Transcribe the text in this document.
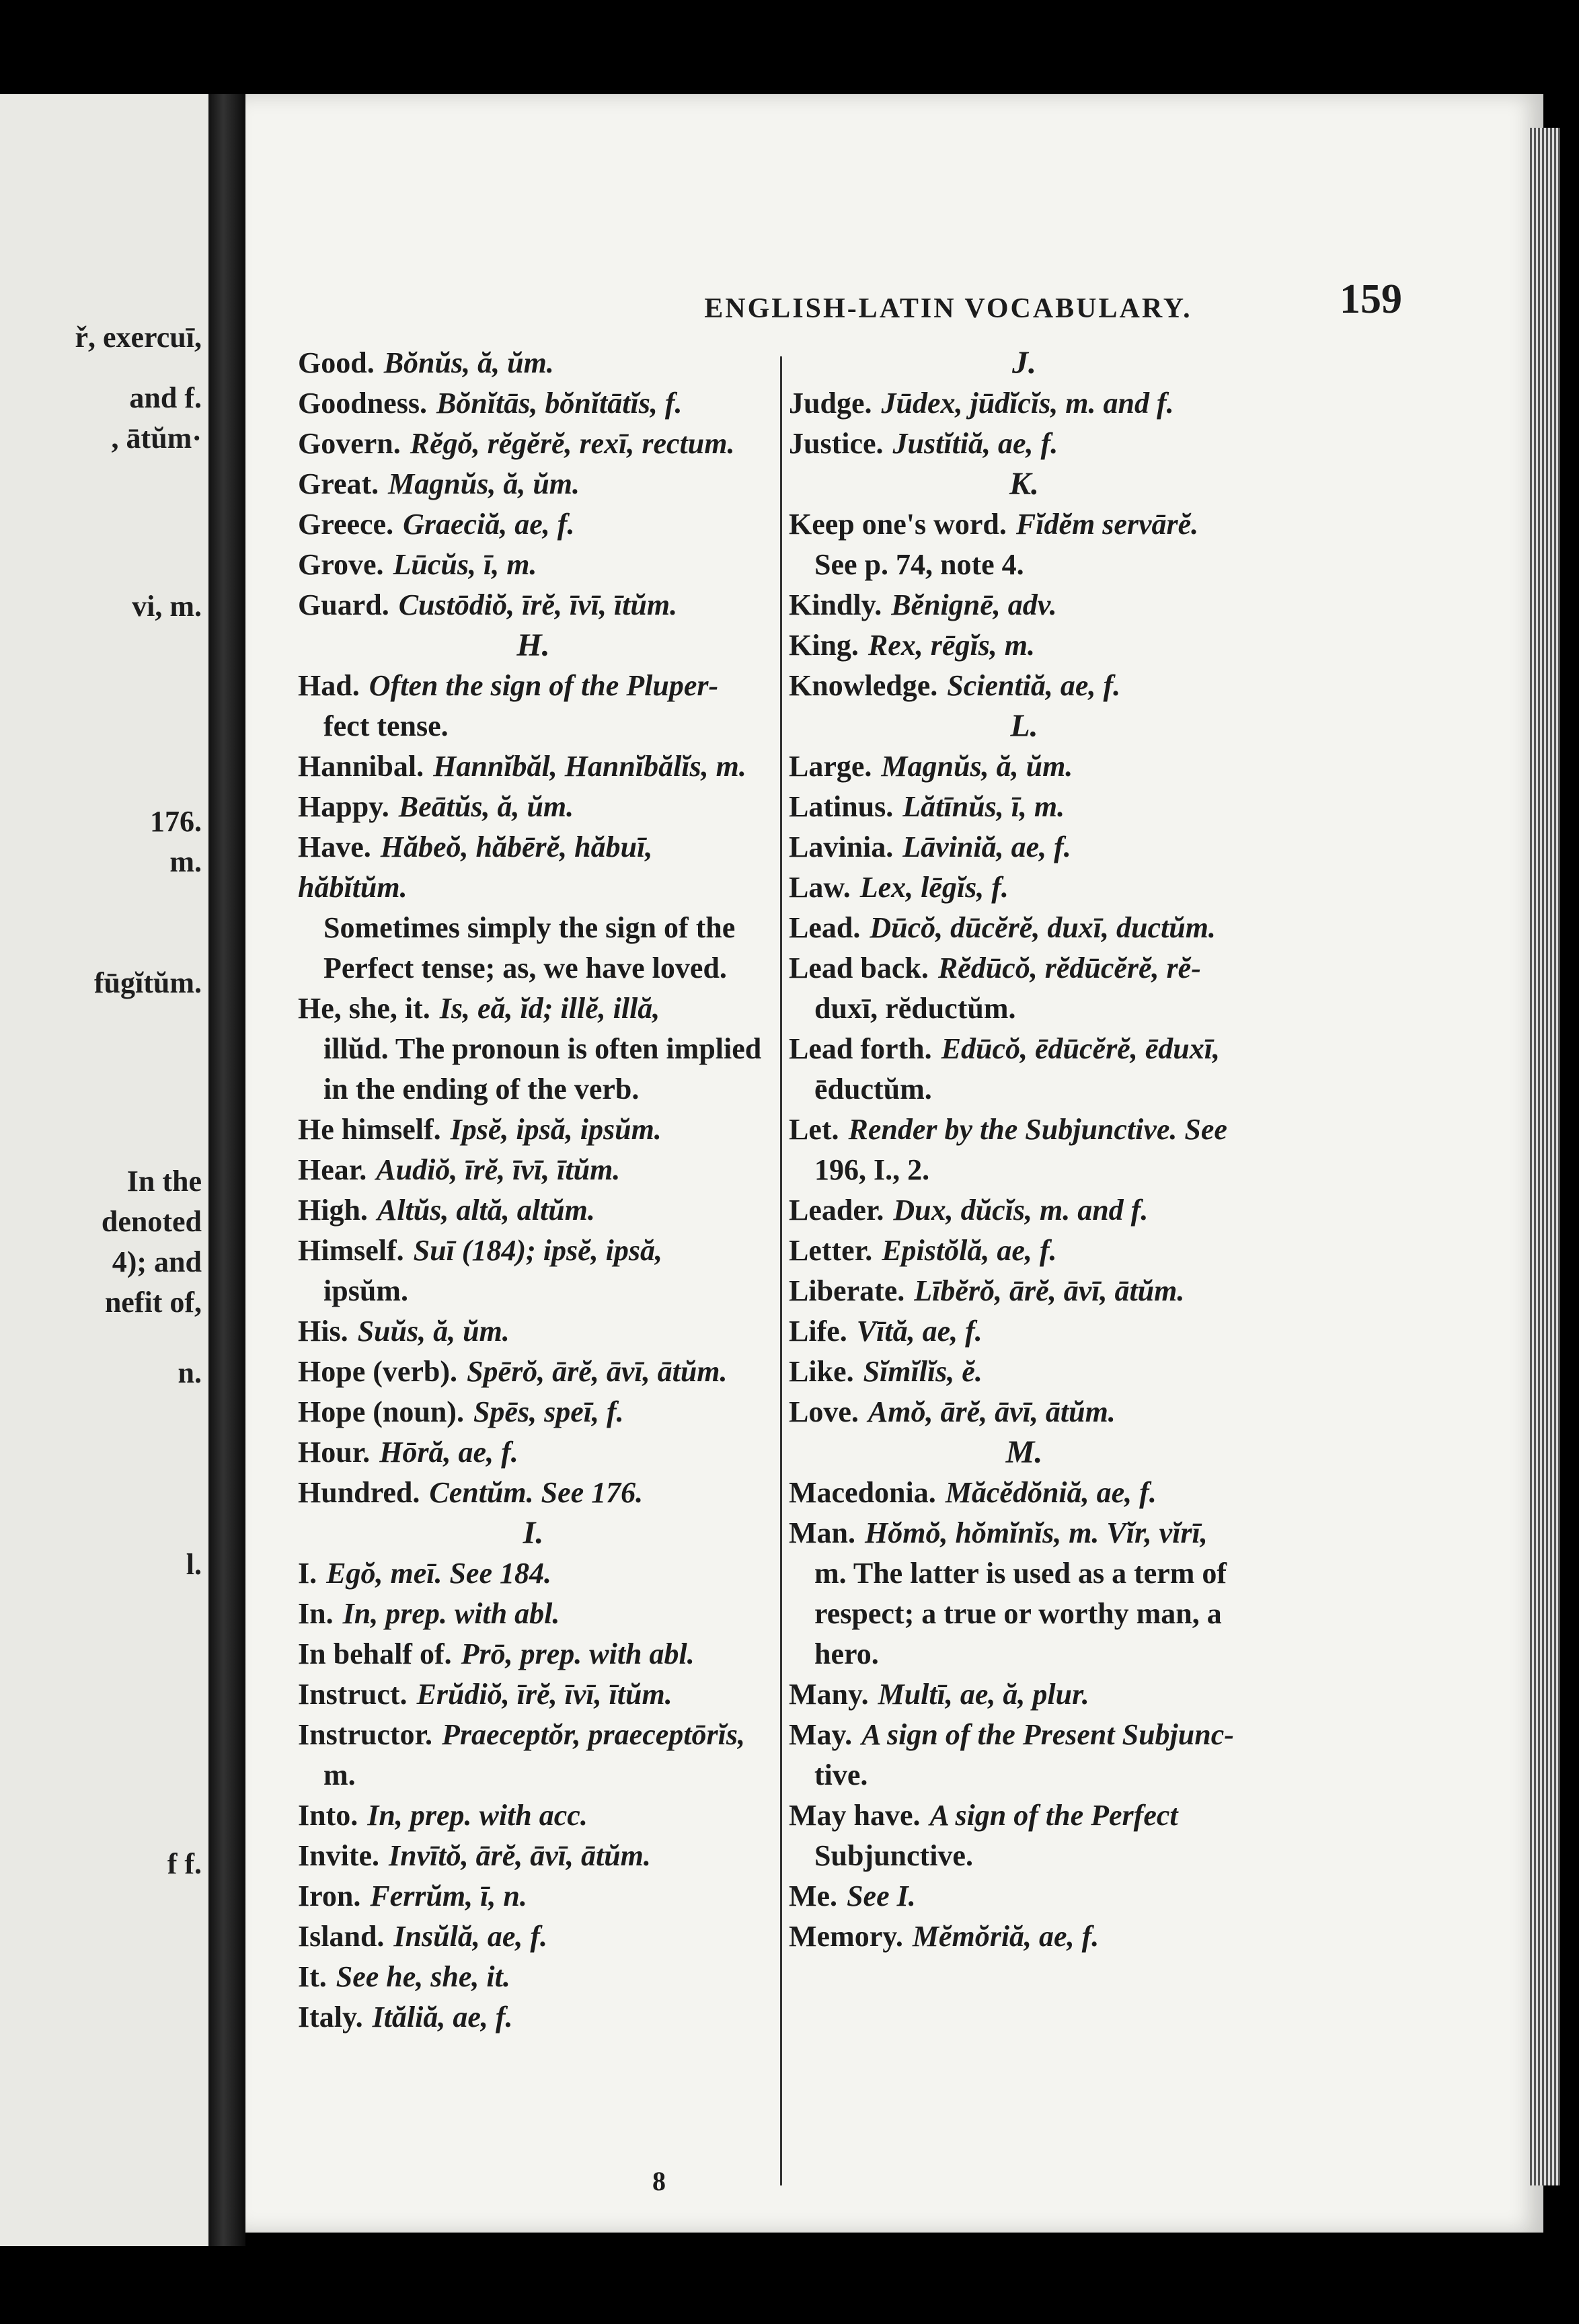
ř, exercuī,
and f.
, ātŭm·
vi, m.
176.
m.
fūgĭtŭm.
In the
denoted
4); and
nefit of,
n.
l.
f f.
ENGLISH-LATIN VOCABULARY.	159
Good. Bŏnŭs, ă, ŭm.
Goodness. Bŏnĭtās, bŏnĭtātĭs, f.
Govern. Rĕgŏ, rĕgĕrĕ, rexī, rectum.
Great. Magnŭs, ă, ŭm.
Greece. Graeciă, ae, f.
Grove. Lūcŭs, ī, m.
Guard. Custōdiŏ, īrĕ, īvī, ītŭm.
H.
Had. Often the sign of the Pluper-
fect tense.
Hannibal. Hannĭbăl, Hannĭbălĭs, m.
Happy. Beātŭs, ă, ŭm.
Have. Hăbeŏ, hăbērĕ, hăbuī, hăbĭtŭm.
Sometimes simply the sign of the Perfect tense; as, we have loved.
He, she, it. Is, eă, ĭd; illĕ, illă,
illŭd. The pronoun is often implied in the ending of the verb.
He himself. Ipsĕ, ipsă, ipsŭm.
Hear. Audiŏ, īrĕ, īvī, ītŭm.
High. Altŭs, altă, altŭm.
Himself. Suī (184); ipsĕ, ipsă,
ipsŭm.
His. Suŭs, ă, ŭm.
Hope (verb). Spērŏ, ārĕ, āvī, ātŭm.
Hope (noun). Spēs, speī, f.
Hour. Hōră, ae, f.
Hundred. Centŭm. See 176.
I.
I. Egŏ, meī. See 184.
In. In, prep. with abl.
In behalf of. Prō, prep. with abl.
Instruct. Erŭdiŏ, īrĕ, īvī, ītŭm.
Instructor. Praeceptŏr, praeceptōrĭs,
m.
Into. In, prep. with acc.
Invite. Invītŏ, ārĕ, āvī, ātŭm.
Iron. Ferrŭm, ī, n.
Island. Insŭlă, ae, f.
It. See he, she, it.
Italy. Ităliă, ae, f.
J.
Judge. Jūdex, jūdĭcĭs, m. and f.
Justice. Justĭtiă, ae, f.
K.
Keep one's word. Fĭdĕm servārĕ.
See p. 74, note 4.
Kindly. Bĕnignē, adv.
King. Rex, rēgĭs, m.
Knowledge. Scientiă, ae, f.
L.
Large. Magnŭs, ă, ŭm.
Latinus. Lătīnŭs, ī, m.
Lavinia. Lāviniă, ae, f.
Law. Lex, lēgĭs, f.
Lead. Dūcŏ, dūcĕrĕ, duxī, ductŭm.
Lead back. Rĕdūcŏ, rĕdūcĕrĕ, rĕ-
duxī, rĕductŭm.
Lead forth. Edūcŏ, ēdūcĕrĕ, ēduxī,
ēductŭm.
Let. Render by the Subjunctive. See
196, I., 2.
Leader. Dux, dŭcĭs, m. and f.
Letter. Epistŏlă, ae, f.
Liberate. Lībĕrŏ, ārĕ, āvī, ātŭm.
Life. Vītă, ae, f.
Like. Sĭmĭlĭs, ĕ.
Love. Amŏ, ārĕ, āvī, ātŭm.
M.
Macedonia. Măcĕdŏniă, ae, f.
Man. Hŏmŏ, hŏmĭnĭs, m. Vĭr, vĭrī,
m. The latter is used as a term of respect; a true or worthy man, a hero.
Many. Multī, ae, ă, plur.
May. A sign of the Present Subjunc-
tive.
May have. A sign of the Perfect
Subjunctive.
Me. See I.
Memory. Mĕmŏriă, ae, f.
8
